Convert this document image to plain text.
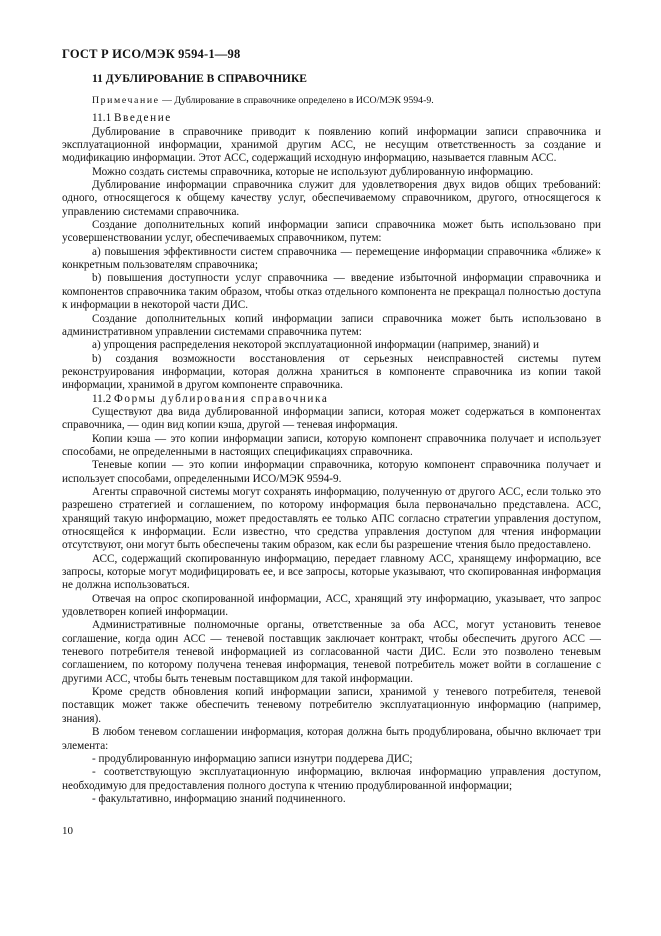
ГОСТ Р ИСО/МЭК 9594-1—98
11 ДУБЛИРОВАНИЕ В СПРАВОЧНИКЕ

Примечание — Дублирование в справочнике определено в ИСО/МЭК 9594-9.

11.1 Введение

Дублирование в справочнике приводит к появлению копий информации записи справочника и эксплуатационной информации, хранимой другим АСС, не несущим ответственность за создание и модификацию информации. Этот АСС, содержащий исходную информацию, называется главным АСС.

Можно создать системы справочника, которые не используют дублированную информацию.

Дублирование информации справочника служит для удовлетворения двух видов общих требований: одного, относящегося к общему качеству услуг, обеспечиваемому справочником, другого, относящегося к управлению системами справочника.

Создание дополнительных копий информации записи справочника может быть использовано при усовершенствовании услуг, обеспечиваемых справочником, путем:

а) повышения эффективности систем справочника — перемещение информации справочника «ближе» к конкретным пользователям справочника;

b) повышения доступности услуг справочника — введение избыточной информации справочника и компонентов справочника таким образом, чтобы отказ отдельного компонента не прекращал полностью доступа к информации в некоторой части ДИС.

Создание дополнительных копий информации записи справочника может быть использовано в административном управлении системами справочника путем:

а) упрощения распределения некоторой эксплуатационной информации (например, знаний) и

b) создания возможности восстановления от серьезных неисправностей системы путем реконструирования информации, которая должна храниться в компоненте справочника из копии такой информации, хранимой в другом компоненте справочника.

11.2 Формы дублирования справочника

Существуют два вида дублированной информации записи, которая может содержаться в компонентах справочника, — один вид копии кэша, другой — теневая информация.

Копии кэша — это копии информации записи, которую компонент справочника получает и использует способами, не определенными в настоящих спецификациях справочника.

Теневые копии — это копии информации справочника, которую компонент справочника получает и использует способами, определенными ИСО/МЭК 9594-9.

Агенты справочной системы могут сохранять информацию, полученную от другого АСС, если только это разрешено стратегией и соглашением, по которому информация была первоначально представлена. АСС, хранящий такую информацию, может предоставлять ее только АПС согласно стратегии управления доступом, относящейся к информации. Если известно, что средства управления доступом для чтения информации отсутствуют, они могут быть обеспечены таким образом, как если бы разрешение чтения было предоставлено.

АСС, содержащий скопированную информацию, передает главному АСС, хранящему информацию, все запросы, которые могут модифицировать ее, и все запросы, которые указывают, что скопированная информация не должна использоваться.

Отвечая на опрос скопированной информации, АСС, хранящий эту информацию, указывает, что запрос удовлетворен копией информации.

Административные полномочные органы, ответственные за оба АСС, могут установить теневое соглашение, когда один АСС — теневой поставщик заключает контракт, чтобы обеспечить другого АСС — теневого потребителя теневой информацией из согласованной части ДИС. Если это позволено теневым соглашением, по которому получена теневая информация, теневой потребитель может войти в соглашение с другими АСС, чтобы быть теневым поставщиком для такой информации.

Кроме средств обновления копий информации записи, хранимой у теневого потребителя, теневой поставщик может также обеспечить теневому потребителю эксплуатационную информацию (например, знания).

В любом теневом соглашении информация, которая должна быть продублирована, обычно включает три элемента:

- продублированную информацию записи изнутри поддерева ДИС;

- соответствующую эксплуатационную информацию, включая информацию управления доступом, необходимую для предоставления полного доступа к чтению продублированной информации;

- факультативно, информацию знаний подчиненного.

10
